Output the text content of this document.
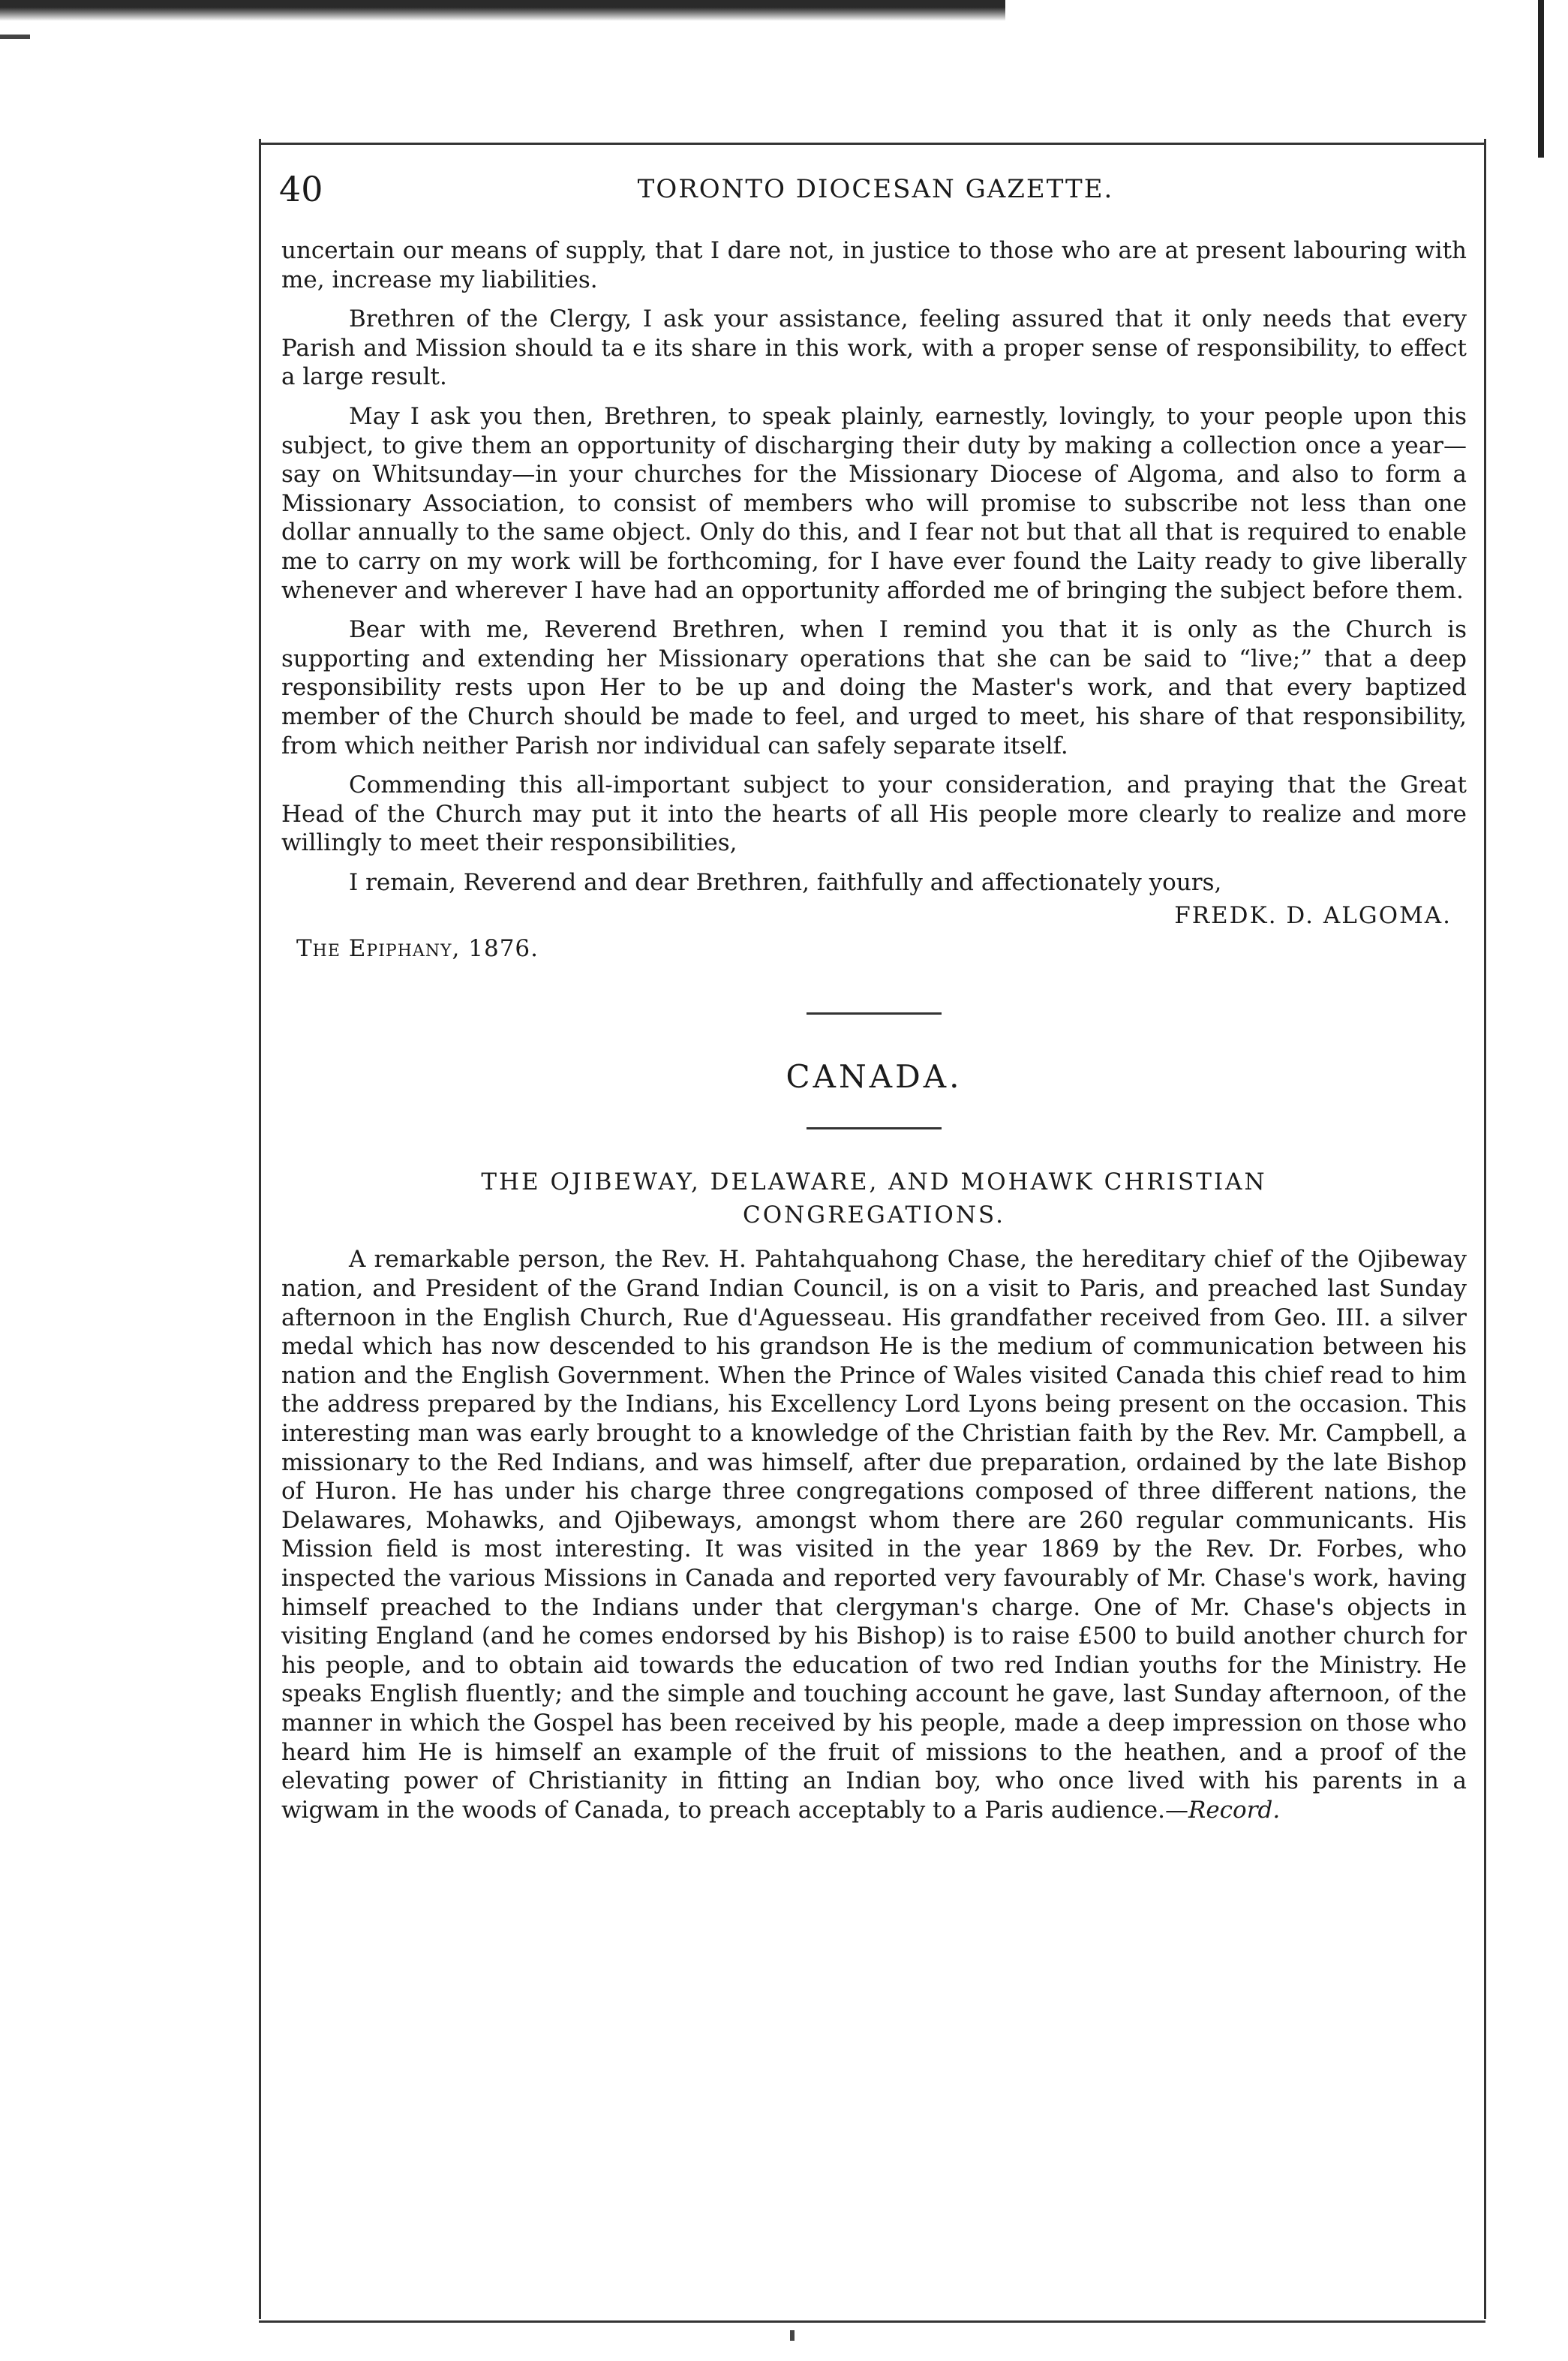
40	TORONTO DIOCESAN GAZETTE.

uncertain our means of supply, that I dare not, in justice to those who are at present labouring with me, increase my liabilities.

Brethren of the Clergy, I ask your assistance, feeling assured that it only needs that every Parish and Mission should ta e its share in this work, with a proper sense of responsibility, to effect a large result.

May I ask you then, Brethren, to speak plainly, earnestly, lovingly, to your people upon this subject, to give them an opportunity of discharging their duty by making a collection once a year—say on Whitsunday—in your churches for the Missionary Diocese of Algoma, and also to form a Missionary Association, to consist of members who will promise to subscribe not less than one dollar annually to the same object. Only do this, and I fear not but that all that is required to enable me to carry on my work will be forthcoming, for I have ever found the Laity ready to give liberally whenever and wherever I have had an opportunity afforded me of bringing the subject before them.

Bear with me, Reverend Brethren, when I remind you that it is only as the Church is supporting and extending her Missionary operations that she can be said to “live;” that a deep responsibility rests upon Her to be up and doing the Master's work, and that every baptized member of the Church should be made to feel, and urged to meet, his share of that responsibility, from which neither Parish nor individual can safely separate itself.

Commending this all-important subject to your consideration, and praying that the Great Head of the Church may put it into the hearts of all His people more clearly to realize and more willingly to meet their responsibilities,

I remain, Reverend and dear Brethren, faithfully and affectionately yours,

FREDK. D. ALGOMA.
The Epiphany, 1876.
CANADA.
THE OJIBEWAY, DELAWARE, AND MOHAWK CHRISTIAN
CONGREGATIONS.

A remarkable person, the Rev. H. Pahtahquahong Chase, the hereditary chief of the Ojibeway nation, and President of the Grand Indian Council, is on a visit to Paris, and preached last Sunday afternoon in the English Church, Rue d'Aguesseau. His grandfather received from Geo. III. a silver medal which has now descended to his grandson He is the medium of communication between his nation and the English Government. When the Prince of Wales visited Canada this chief read to him the address prepared by the Indians, his Excellency Lord Lyons being present on the occasion. This interesting man was early brought to a knowledge of the Christian faith by the Rev. Mr. Campbell, a missionary to the Red Indians, and was himself, after due preparation, ordained by the late Bishop of Huron. He has under his charge three congregations composed of three different nations, the Delawares, Mohawks, and Ojibeways, amongst whom there are 260 regular communicants. His Mission field is most interesting. It was visited in the year 1869 by the Rev. Dr. Forbes, who inspected the various Missions in Canada and reported very favourably of Mr. Chase's work, having himself preached to the Indians under that clergyman's charge. One of Mr. Chase's objects in visiting England (and he comes endorsed by his Bishop) is to raise £500 to build another church for his people, and to obtain aid towards the education of two red Indian youths for the Ministry. He speaks English fluently; and the simple and touching account he gave, last Sunday afternoon, of the manner in which the Gospel has been received by his people, made a deep impression on those who heard him He is himself an example of the fruit of missions to the heathen, and a proof of the elevating power of Christianity in fitting an Indian boy, who once lived with his parents in a wigwam in the woods of Canada, to preach acceptably to a Paris audience.—Record.
